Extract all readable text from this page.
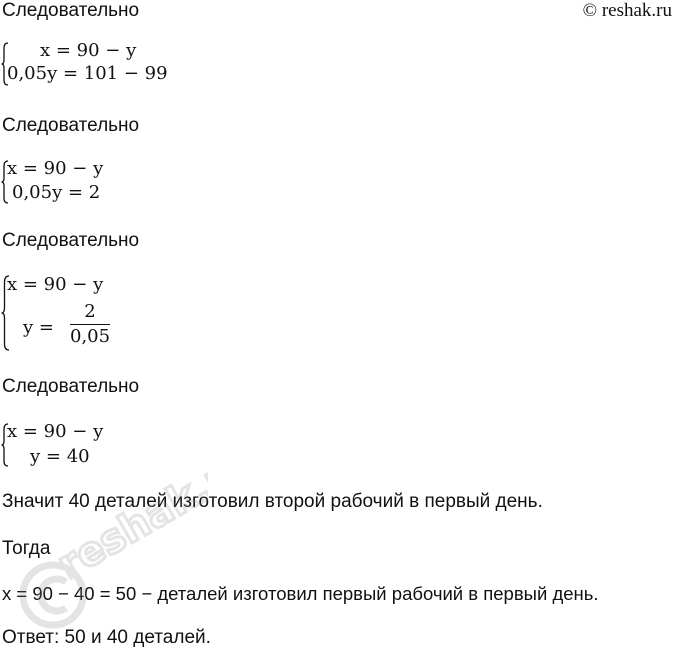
Следовательно	© reshak.ru
x = 90 − y
0,05y = 101 − 99
Следовательно
x = 90 − y
0,05y = 2
Следовательно
x = 90 − y
y =
2
0,05
Следовательно
x = 90 − y
y = 40
Значит 40 деталей изготовил второй рабочий в первый день.
Тогда
x = 90 − 40 = 50 − деталей изготовил первый рабочий в первый день.
Ответ: 50 и 40 деталей.
reshak.ru
